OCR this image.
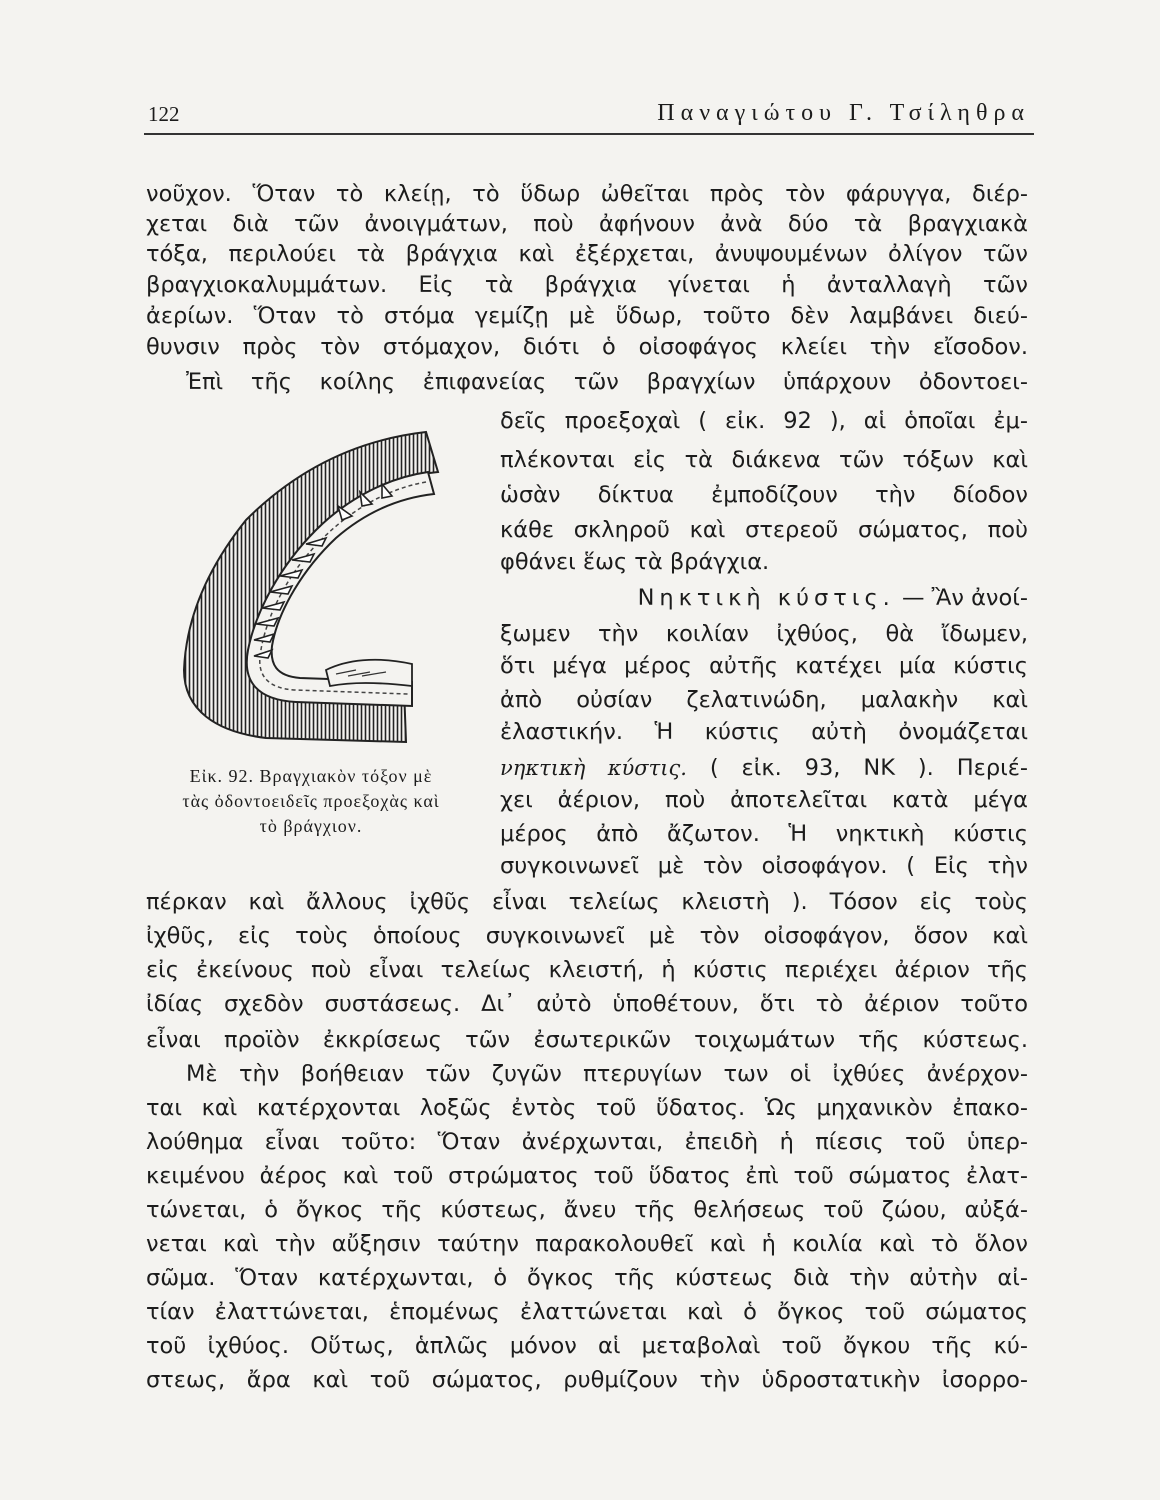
122	Παναγιώτου Γ. Τσίληθρα
νοῦχον. Ὅταν τὸ κλείῃ, τὸ ὕδωρ ὠθεῖται πρὸς τὸν φάρυγγα, διέρ-
χεται διὰ τῶν ἀνοιγμάτων, ποὺ ἀφήνουν ἀνὰ δύο τὰ βραγχιακὰ
τόξα, περιλούει τὰ βράγχια καὶ ἐξέρχεται, ἀνυψουμένων ὀλίγον τῶν
βραγχιοκαλυμμάτων. Εἰς τὰ βράγχια γίνεται ἡ ἀνταλλαγὴ τῶν
ἀερίων. Ὅταν τὸ στόμα γεμίζῃ μὲ ὕδωρ, τοῦτο δὲν λαμβάνει διεύ-
θυνσιν πρὸς τὸν στόμαχον, διότι ὁ οἰσοφάγος κλείει τὴν εἴσοδον.
Ἐπὶ τῆς κοίλης ἐπιφανείας τῶν βραγχίων ὑπάρχουν ὀδοντοει-
Εἰκ. 92. Βραγχιακὸν τόξον μὲ
τὰς ὀδοντοειδεῖς προεξοχὰς καὶ
τὸ βράγχιον.
δεῖς προεξοχαὶ ( εἰκ. 92 ), αἱ ὁποῖαι ἐμ-
πλέκονται εἰς τὰ διάκενα τῶν τόξων καὶ
ὡσὰν δίκτυα ἐμποδίζουν τὴν δίοδον
κάθε σκληροῦ καὶ στερεοῦ σώματος, ποὺ
φθάνει ἕως τὰ βράγχια.
Νηκτικὴ κύστις. — Ἂν ἀνοί-
ξωμεν τὴν κοιλίαν ἰχθύος, θὰ ἴδωμεν,
ὅτι μέγα μέρος αὐτῆς κατέχει μία κύστις
ἀπὸ οὐσίαν ζελατινώδη, μαλακὴν καὶ
ἐλαστικήν. Ἡ κύστις αὐτὴ ὀνομάζεται
νηκτικὴ κύστις. ( εἰκ. 93, ΝΚ ). Περιέ-
χει ἀέριον, ποὺ ἀποτελεῖται κατὰ μέγα
μέρος ἀπὸ ἄζωτον. Ἡ νηκτικὴ κύστις
συγκοινωνεῖ μὲ τὸν οἰσοφάγον. ( Εἰς τὴν
πέρκαν καὶ ἄλλους ἰχθῦς εἶναι τελείως κλειστὴ ). Τόσον εἰς τοὺς
ἰχθῦς, εἰς τοὺς ὁποίους συγκοινωνεῖ μὲ τὸν οἰσοφάγον, ὅσον καὶ
εἰς ἐκείνους ποὺ εἶναι τελείως κλειστή, ἡ κύστις περιέχει ἀέριον τῆς
ἰδίας σχεδὸν συστάσεως. Δι᾽ αὐτὸ ὑποθέτουν, ὅτι τὸ ἀέριον τοῦτο
εἶναι προϊὸν ἐκκρίσεως τῶν ἐσωτερικῶν τοιχωμάτων τῆς κύστεως.
Μὲ τὴν βοήθειαν τῶν ζυγῶν πτερυγίων των οἱ ἰχθύες ἀνέρχον-
ται καὶ κατέρχονται λοξῶς ἐντὸς τοῦ ὕδατος. Ὡς μηχανικὸν ἐπακο-
λούθημα εἶναι τοῦτο: Ὅταν ἀνέρχωνται, ἐπειδὴ ἡ πίεσις τοῦ ὑπερ-
κειμένου ἀέρος καὶ τοῦ στρώματος τοῦ ὕδατος ἐπὶ τοῦ σώματος ἐλατ-
τώνεται, ὁ ὄγκος τῆς κύστεως, ἄνευ τῆς θελήσεως τοῦ ζώου, αὐξά-
νεται καὶ τὴν αὔξησιν ταύτην παρακολουθεῖ καὶ ἡ κοιλία καὶ τὸ ὅλον
σῶμα. Ὅταν κατέρχωνται, ὁ ὄγκος τῆς κύστεως διὰ τὴν αὐτὴν αἰ-
τίαν ἐλαττώνεται, ἑπομένως ἐλαττώνεται καὶ ὁ ὄγκος τοῦ σώματος
τοῦ ἰχθύος. Οὕτως, ἁπλῶς μόνον αἱ μεταβολαὶ τοῦ ὄγκου τῆς κύ-
στεως, ἄρα καὶ τοῦ σώματος, ρυθμίζουν τὴν ὑδροστατικὴν ἰσορρο-
